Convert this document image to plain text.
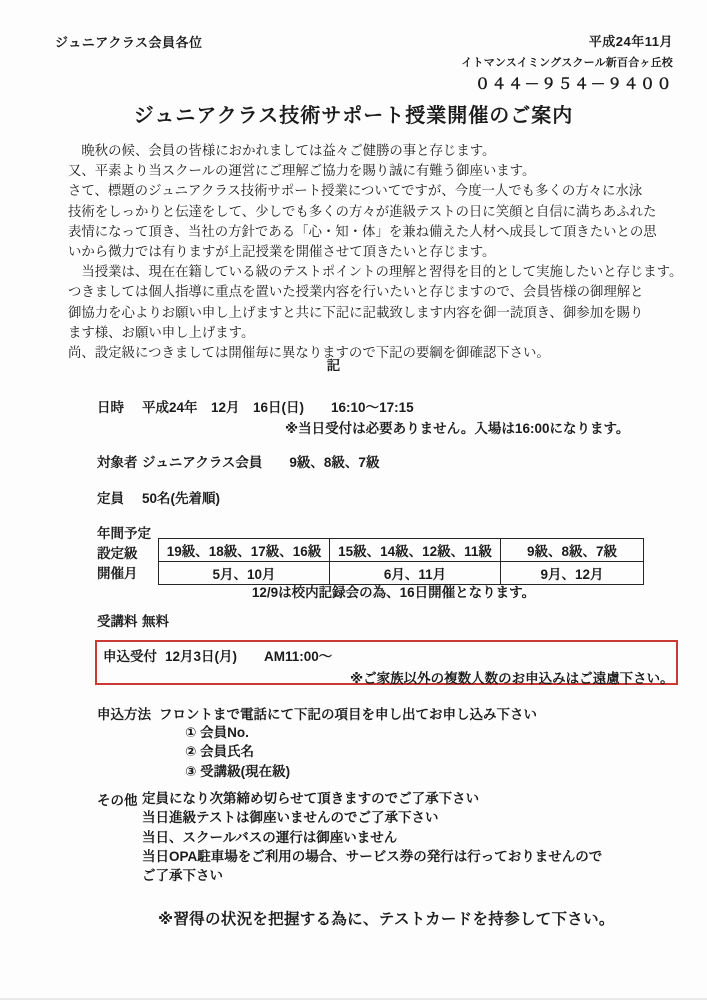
ジュニアクラス会員各位	平成24年11月
イトマンスイミングスクール新百合ヶ丘校
０４４－９５４－９４００
ジュニアクラス技術サポート授業開催のご案内
　晩秋の候、会員の皆様におかれましては益々ご健勝の事と存じます。
又、平素より当スクールの運営にご理解ご協力を賜り誠に有難う御座います。
さて、標題のジュニアクラス技術サポート授業についてですが、今度一人でも多くの方々に水泳
技術をしっかりと伝達をして、少しでも多くの方々が進級テストの日に笑顔と自信に満ちあふれた
表情になって頂き、当社の方針である「心・知・体」を兼ね備えた人材へ成長して頂きたいとの思
いから微力では有りますが上記授業を開催させて頂きたいと存じます。
　当授業は、現在在籍している級のテストポイントの理解と習得を目的として実施したいと存じます。
つきましては個人指導に重点を置いた授業内容を行いたいと存じますので、会員皆様の御理解と
御協力を心よりお願い申し上げますと共に下記に記載致します内容を御一読頂き、御参加を賜り
ます様、お願い申し上げます。
尚、設定級につきましては開催毎に異なりますので下記の要綱を御確認下さい。
記
日時	平成24年　12月　16日(日)　　16:10～17:15
※当日受付は必要ありません。入場は16:00になります。
対象者 ジュニアクラス会員　　9級、8級、7級
定員	50名(先着順)
年間予定
設定級
開催月
19級、18級、17級、16級	15級、14級、12級、11級	9級、8級、7級
5月、10月	6月、11月	9月、12月
12/9は校内記録会の為、16日開催となります。
受講料 無料
申込受付 12月3日(月)　　AM11:00～
※ご家族以外の複数人数のお申込みはご遠慮下さい。
申込方法 フロントまで電話にて下記の項目を申し出てお申し込み下さい
① 会員No.
② 会員氏名
③ 受講級(現在級)
その他 定員になり次第締め切らせて頂きますのでご了承下さい
当日進級テストは御座いませんのでご了承下さい
当日、スクールバスの運行は御座いません
当日OPA駐車場をご利用の場合、サービス券の発行は行っておりませんので
ご了承下さい
※習得の状況を把握する為に、テストカードを持参して下さい。
